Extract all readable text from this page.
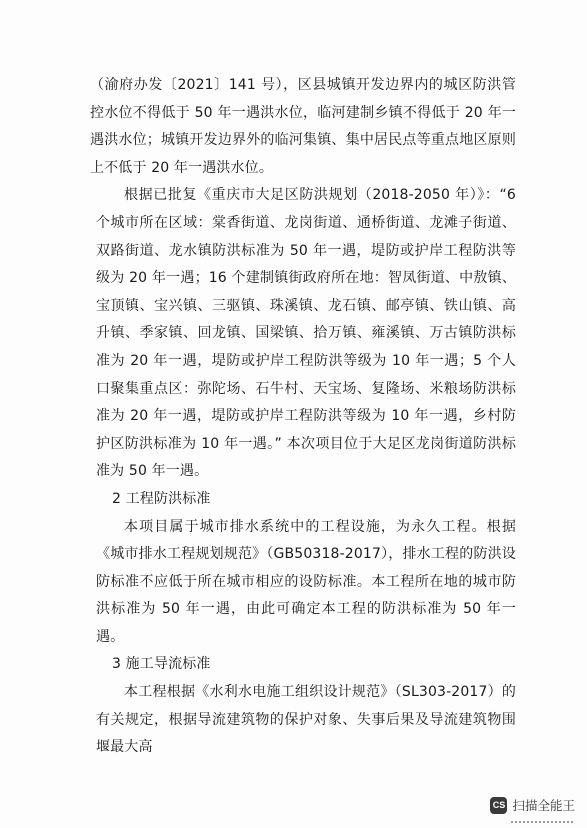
（渝府办发〔2021〕141 号），区县城镇开发边界内的城区防洪管控水位不得低于 50 年一遇洪水位，临河建制乡镇不得低于 20 年一遇洪水位；城镇开发边界外的临河集镇、集中居民点等重点地区原则上不低于 20 年一遇洪水位。

根据已批复《重庆市大足区防洪规划（2018-2050 年）》：“6 个城市所在区域：棠香街道、龙岗街道、通桥街道、龙滩子街道、双路街道、龙水镇防洪标准为 50 年一遇，堤防或护岸工程防洪等级为 20 年一遇；16 个建制镇街政府所在地：智凤街道、中敖镇、宝顶镇、宝兴镇、三驱镇、珠溪镇、龙石镇、邮亭镇、铁山镇、高升镇、季家镇、回龙镇、国梁镇、拾万镇、雍溪镇、万古镇防洪标准为 20 年一遇，堤防或护岸工程防洪等级为 10 年一遇；5 个人口聚集重点区：弥陀场、石牛村、天宝场、复隆场、米粮场防洪标准为 20 年一遇，堤防或护岸工程防洪等级为 10 年一遇，乡村防护区防洪标准为 10 年一遇。” 本次项目位于大足区龙岗街道防洪标准为 50 年一遇。

2 工程防洪标准

本项目属于城市排水系统中的工程设施，为永久工程。根据《城市排水工程规划规范》（GB50318-2017），排水工程的防洪设防标准不应低于所在城市相应的设防标准。本工程所在地的城市防洪标准为 50 年一遇，由此可确定本工程的防洪标准为 50 年一遇。

3 施工导流标准

本工程根据《水利水电施工组织设计规范》（SL303-2017）的有关规定，根据导流建筑物的保护对象、失事后果及导流建筑物围堰最大高

CS 扫描全能王
